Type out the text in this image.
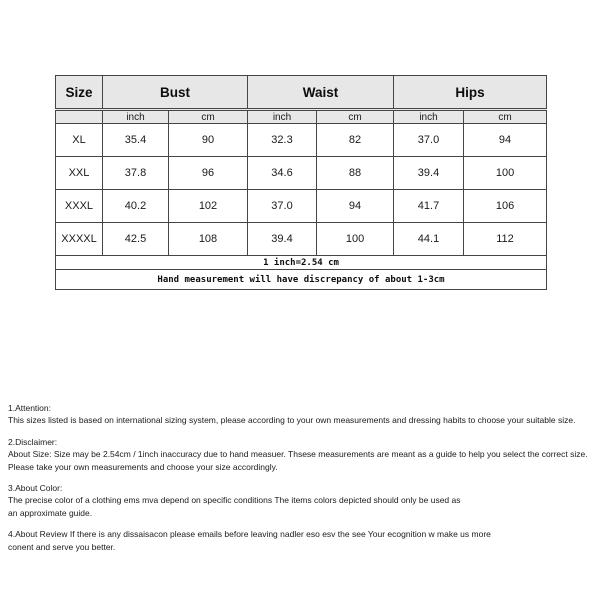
Size	Bust		Waist		Hips	
	inch	cm	inch	cm	inch	cm
XL	35.4	90	32.3	82	37.0	94
XXL	37.8	96	34.6	88	39.4	100
XXXL	40.2	102	37.0	94	41.7	106
XXXXL	42.5	108	39.4	100	44.1	112
1 inch=2.54 cm						
Hand measurement will have discrepancy of about 1-3cm						
1.Attention:
This sizes listed is based on international sizing system, please according to your own measurements and dressing habits to choose your suitable size.
2.Disclaimer:
About Size: Size may be 2.54cm / 1inch inaccuracy due to hand measuer. Thsese measurements are meant as a guide to help you select the correct size.
Please take your own measurements and choose your size accordingly.
3.About Color:
The precise color of a clothing ems mva depend on specific conditions The items colors depicted should only be used as
an approximate guide.
4.About Review If there is any dissaisacon please emails before leaving nadler eso esv the see Your ecognition w make us more
conent and serve you better.
